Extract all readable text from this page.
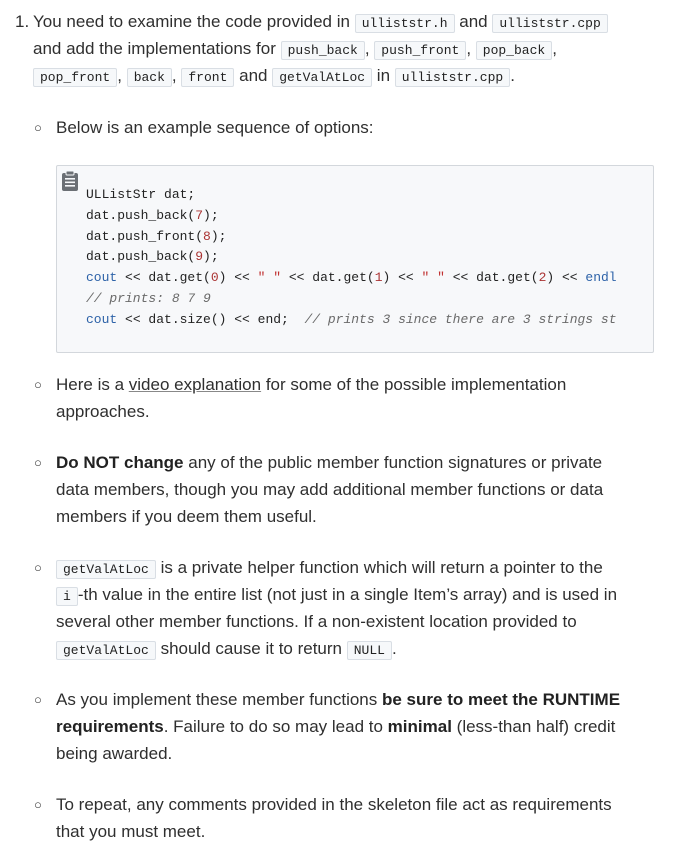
1. You need to examine the code provided in ulliststr.h and ulliststr.cpp
and add the implementations for push_back , push_front , pop_back ,
pop_front , back , front and getValAtLoc in ulliststr.cpp .
○ Below is an example sequence of options:
ULListStr dat;
dat.push_back(7);
dat.push_front(8);
dat.push_back(9);
cout << dat.get(0) << " " << dat.get(1) << " " << dat.get(2) << endl
// prints: 8 7 9
cout << dat.size() << end;  // prints 3 since there are 3 strings st
○ Here is a video explanation for some of the possible implementation
approaches.
○ Do NOT change any of the public member function signatures or private
data members, though you may add additional member functions or data
members if you deem them useful.
○	getValAtLoc is a private helper function which will return a pointer to the
i -th value in the entire list (not just in a single Item’s array) and is used in
several other member functions. If a non-existent location provided to
getValAtLoc should cause it to return NULL .
○ As you implement these member functions be sure to meet the RUNTIME
requirements. Failure to do so may lead to minimal (less-than half) credit
being awarded.
○ To repeat, any comments provided in the skeleton file act as requirements
that you must meet.
